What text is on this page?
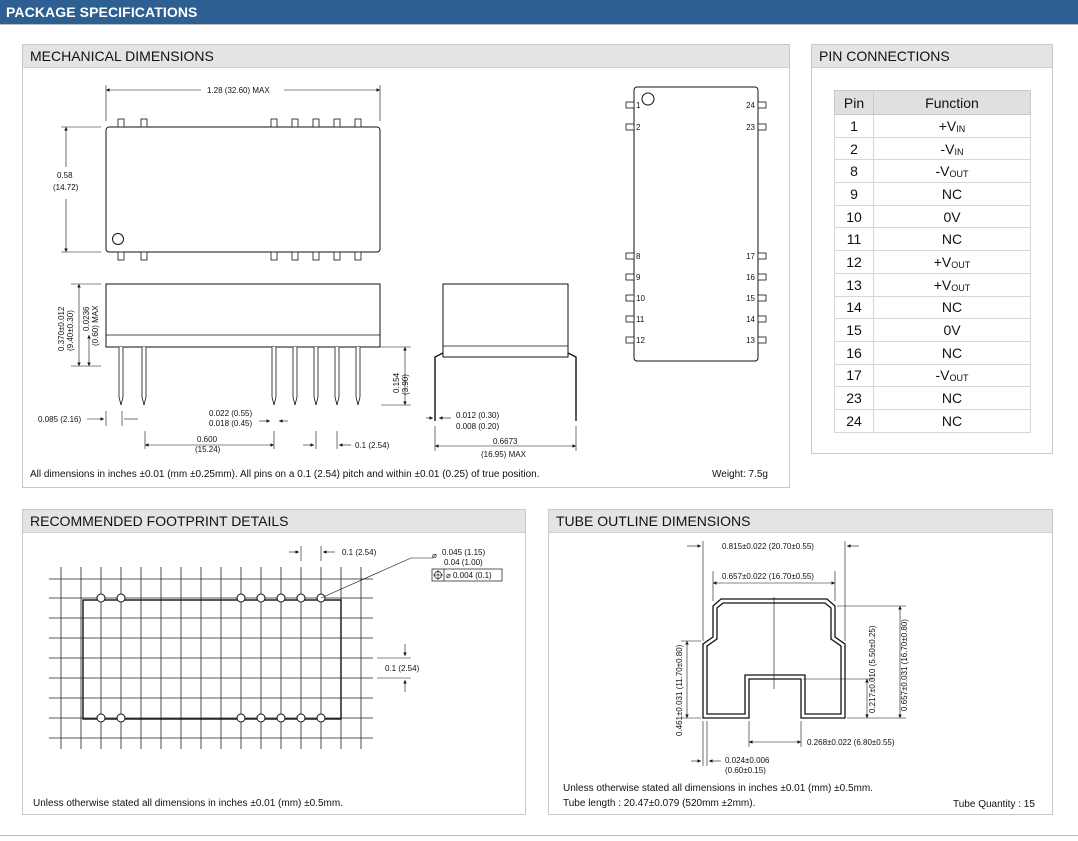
PACKAGE SPECIFICATIONS
MECHANICAL DIMENSIONS
1.28 (32.60) MAX
0.58
(14.72)
0.370±0.012 (9.40±0.30) 0.0236 (0.60) MAX
0.154 (3.90)
0.085 (2.16)
0.022 (0.55)
0.018 (0.45)
0.600
(15.24)	0.1 (2.54)
0.012 (0.30)
0.008 (0.20)
0.6673
(16.95) MAX
1
2
8
9
10
11
12
24
23
17
16
15
14
13
All dimensions in inches ±0.01 (mm ±0.25mm). All pins on a 0.1 (2.54) pitch and within ±0.01 (0.25) of true position.	Weight: 7.5g
PIN CONNECTIONS
Pin	Function
1	+VIN
2	-VIN
8	-VOUT
9	NC
10	0V
11	NC
12	+VOUT
13	+VOUT
14	NC
15	0V
16	NC
17	-VOUT
23	NC
24	NC
RECOMMENDED FOOTPRINT DETAILS
0.1 (2.54)	⌀ 0.045 (1.15)
0.04 (1.00)
⌀ 0.004 (0.1)
0.1 (2.54)
Unless otherwise stated all dimensions in inches ±0.01 (mm) ±0.5mm.
TUBE OUTLINE DIMENSIONS
0.815±0.022 (20.70±0.55)
0.657±0.022 (16.70±0.55)
0.657±0.031 (16.70±0.80)
0.217±0.010 (5.50±0.25)
0.461±0.031 (11.70±0.80)
0.268±0.022 (6.80±0.55)
0.024±0.006
(0.60±0.15)
Unless otherwise stated all dimensions in inches ±0.01 (mm) ±0.5mm.
Tube length : 20.47±0.079 (520mm ±2mm).	Tube Quantity : 15
